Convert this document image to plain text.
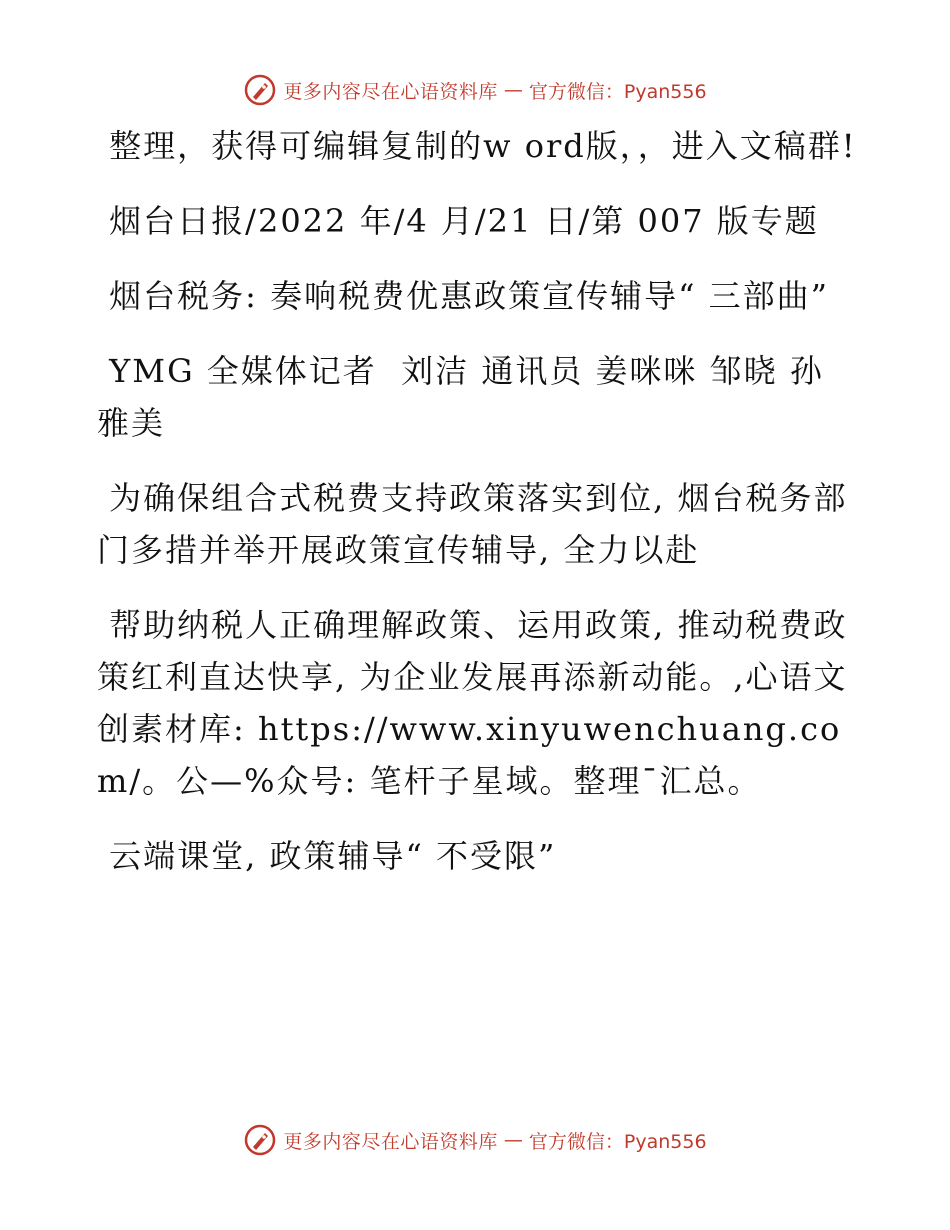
更多内容尽在心语资料库 — 官方微信：Pyan556

整理，获得可编辑复制的w ord版，，进入文稿群!

烟台日报/2022 年/4 月/21 日/第 007 版专题

烟台税务: 奏响税费优惠政策宣传辅导“ 三部曲”

YMG 全媒体记者  刘洁 通讯员 姜咪咪 邹晓 孙雅美

为确保组合式税费支持政策落实到位, 烟台税务部门多措并举开展政策宣传辅导, 全力以赴

帮助纳税人正确理解政策、运用政策, 推动税费政策红利直达快享, 为企业发展再添新动能。,心语文创素材库: https://www.xinyuwenchuang.com/。公—%众号: 笔杆子星域。整理¯汇总。

云端课堂, 政策辅导“ 不受限”

更多内容尽在心语资料库 — 官方微信：Pyan556
